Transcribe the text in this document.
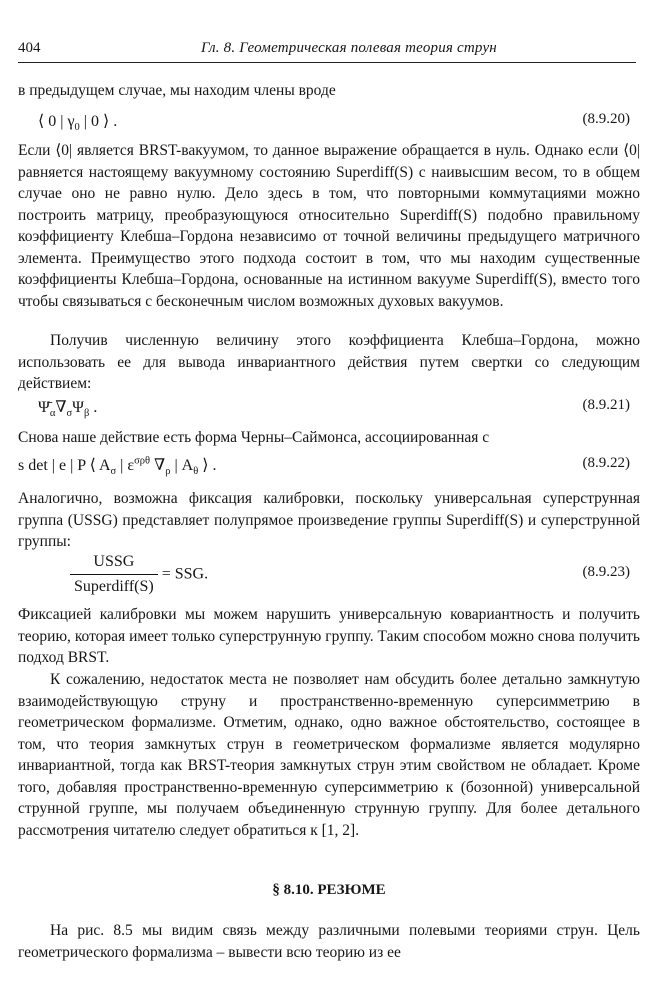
404	Гл. 8. Геометрическая полевая теория струн

в предыдущем случае, мы находим члены вроде

⟨ 0 | $\gamma_0$ | 0 ⟩ .	(8.9.20)

Если ⟨0| является BRST-вакуумом, то данное выражение обращается в нуль. Однако если ⟨0| равняется настоящему вакуумному состоянию Superdiff(S) с наивысшим весом, то в общем случае оно не равно нулю. Дело здесь в том, что повторными коммутациями можно построить матрицу, преобразующуюся относительно Superdiff(S) подобно правильному коэффициенту Клебша–Гордона независимо от точной величины предыдущего матричного элемента. Преимущество этого подхода состоит в том, что мы находим существенные коэффициенты Клебша–Гордона, основанные на истинном вакууме Superdiff(S), вместо того чтобы связываться с бесконечным числом возможных духовых вакуумов.

Получив численную величину этого коэффициента Клебша–Гордона, можно использовать ее для вывода инвариантного действия путем свертки со следующим действием:

$\Psī_\alpha\nabla_\sigma\Psi_\beta$ .	(8.9.21)

Снова наше действие есть форма Черны–Саймонса, ассоциированная с

s det | e | P ⟨ $A_\sigma$ | $\varepsilon^{\sigma\rho\theta}$ $\nabla_\rho$ | $A_\theta$ ⟩ .	(8.9.22)

Аналогично, возможна фиксация калибровки, поскольку универсальная суперструнная группа (USSG) представляет полупрямое произведение группы Superdiff(S) и суперструнной группы:

$\frac{\text{USSG}}{\text{Superdiff(S)}}$ = SSG.	(8.9.23)

Фиксацией калибровки мы можем нарушить универсальную ковариантность и получить теорию, которая имеет только суперструнную группу. Таким способом можно снова получить подход BRST.

К сожалению, недостаток места не позволяет нам обсудить более детально замкнутую взаимодействующую струну и пространственно-временную суперсимметрию в геометрическом формализме. Отметим, однако, одно важное обстоятельство, состоящее в том, что теория замкнутых струн в геометрическом формализме является модулярно инвариантной, тогда как BRST-теория замкнутых струн этим свойством не обладает. Кроме того, добавляя пространственно-временную суперсимметрию к (бозонной) универсальной струнной группе, мы получаем объединенную струнную группу. Для более детального рассмотрения читателю следует обратиться к [1, 2].

§ 8.10. РЕЗЮМЕ

На рис. 8.5 мы видим связь между различными полевыми теориями струн. Цель геометрического формализма – вывести всю теорию из ее
